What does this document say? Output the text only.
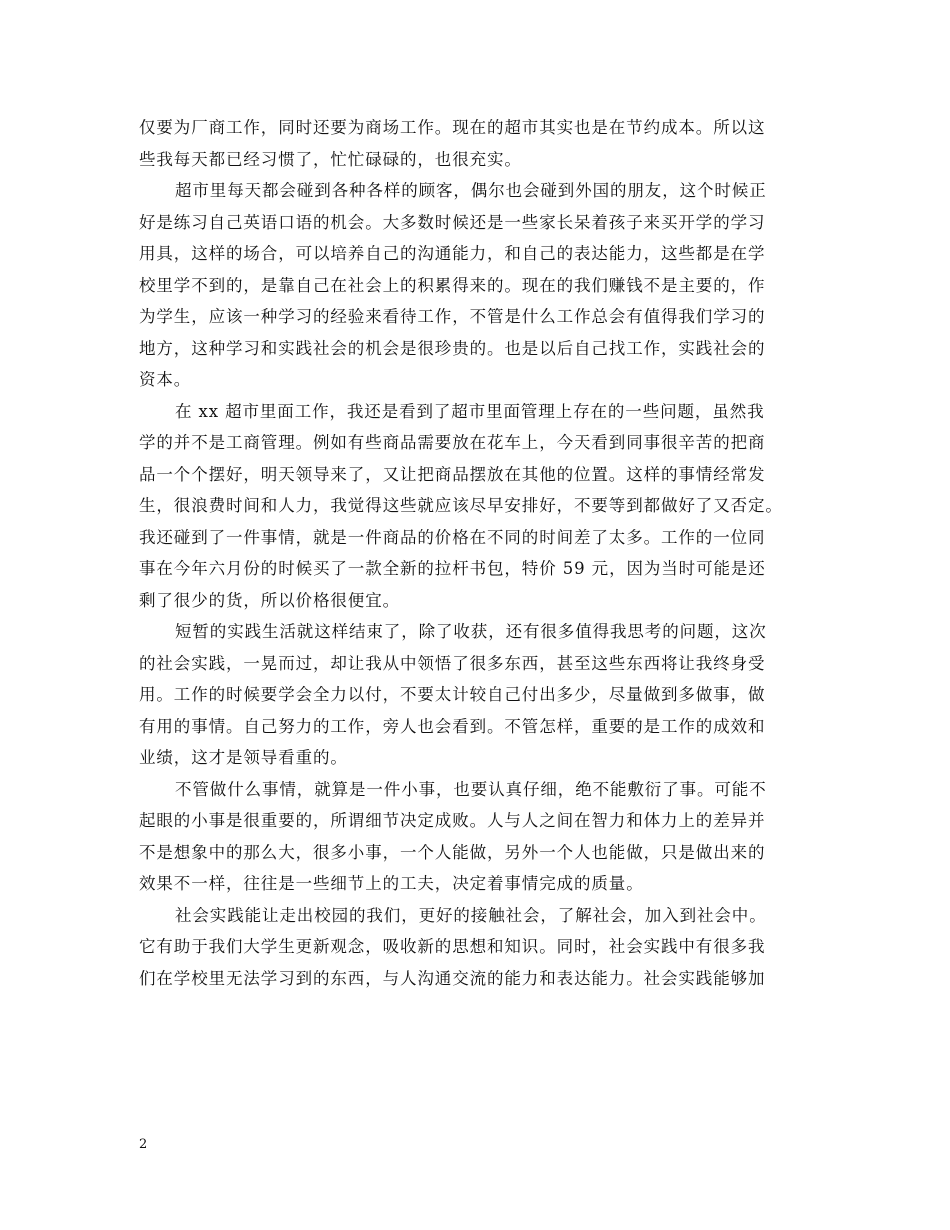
仅要为厂商工作，同时还要为商场工作。现在的超市其实也是在节约成本。所以这
些我每天都已经习惯了，忙忙碌碌的，也很充实。
超市里每天都会碰到各种各样的顾客，偶尔也会碰到外国的朋友，这个时候正
好是练习自己英语口语的机会。大多数时候还是一些家长呆着孩子来买开学的学习
用具，这样的场合，可以培养自己的沟通能力，和自己的表达能力，这些都是在学
校里学不到的，是靠自己在社会上的积累得来的。现在的我们赚钱不是主要的，作
为学生，应该一种学习的经验来看待工作，不管是什么工作总会有值得我们学习的
地方，这种学习和实践社会的机会是很珍贵的。也是以后自己找工作，实践社会的
资本。
在 xx 超市里面工作，我还是看到了超市里面管理上存在的一些问题，虽然我
学的并不是工商管理。例如有些商品需要放在花车上，今天看到同事很辛苦的把商
品一个个摆好，明天领导来了，又让把商品摆放在其他的位置。这样的事情经常发
生，很浪费时间和人力，我觉得这些就应该尽早安排好，不要等到都做好了又否定。
我还碰到了一件事情，就是一件商品的价格在不同的时间差了太多。工作的一位同
事在今年六月份的时候买了一款全新的拉杆书包，特价 59 元，因为当时可能是还
剩了很少的货，所以价格很便宜。
短暂的实践生活就这样结束了，除了收获，还有很多值得我思考的问题，这次
的社会实践，一晃而过，却让我从中领悟了很多东西，甚至这些东西将让我终身受
用。工作的时候要学会全力以付，不要太计较自己付出多少，尽量做到多做事，做
有用的事情。自己努力的工作，旁人也会看到。不管怎样，重要的是工作的成效和
业绩，这才是领导看重的。
不管做什么事情，就算是一件小事，也要认真仔细，绝不能敷衍了事。可能不
起眼的小事是很重要的，所谓细节决定成败。人与人之间在智力和体力上的差异并
不是想象中的那么大，很多小事，一个人能做，另外一个人也能做，只是做出来的
效果不一样，往往是一些细节上的工夫，决定着事情完成的质量。
社会实践能让走出校园的我们，更好的接触社会，了解社会，加入到社会中。
它有助于我们大学生更新观念，吸收新的思想和知识。同时，社会实践中有很多我
们在学校里无法学习到的东西，与人沟通交流的能力和表达能力。社会实践能够加
2
